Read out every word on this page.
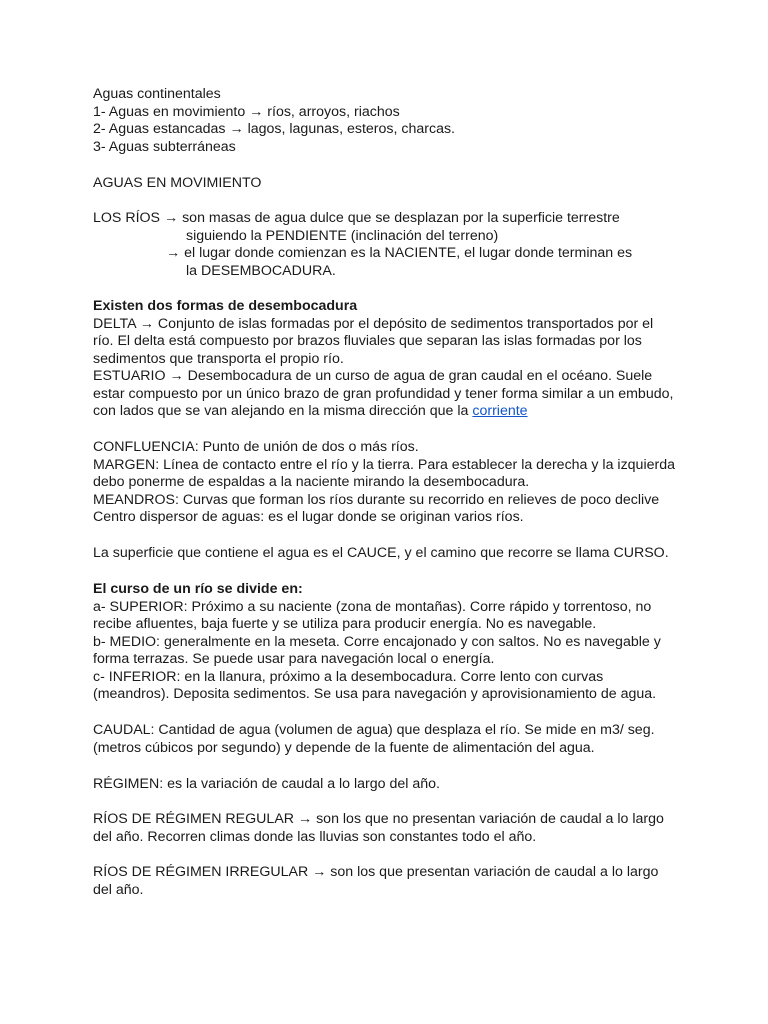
Aguas continentales
1- Aguas en movimiento → ríos, arroyos, riachos
2- Aguas estancadas → lagos, lagunas, esteros, charcas.
3- Aguas subterráneas
AGUAS EN MOVIMIENTO
LOS RÍOS → son masas de agua dulce que se desplazan por la superficie terrestre
siguiendo la PENDIENTE (inclinación del terreno)
→ el lugar donde comienzan es la NACIENTE, el lugar donde terminan es
la DESEMBOCADURA.
Existen dos formas de desembocadura
DELTA → Conjunto de islas formadas por el depósito de sedimentos transportados por el
río. El delta está compuesto por brazos fluviales que separan las islas formadas por los
sedimentos que transporta el propio río.
ESTUARIO → Desembocadura de un curso de agua de gran caudal en el océano. Suele
estar compuesto por un único brazo de gran profundidad y tener forma similar a un embudo,
con lados que se van alejando en la misma dirección que la corriente
CONFLUENCIA: Punto de unión de dos o más ríos.
MARGEN: Línea de contacto entre el río y la tierra. Para establecer la derecha y la izquierda
debo ponerme de espaldas a la naciente mirando la desembocadura.
MEANDROS: Curvas que forman los ríos durante su recorrido en relieves de poco declive
Centro dispersor de aguas: es el lugar donde se originan varios ríos.
La superficie que contiene el agua es el CAUCE, y el camino que recorre se llama CURSO.
El curso de un río se divide en:
a- SUPERIOR: Próximo a su naciente (zona de montañas). Corre rápido y torrentoso, no
recibe afluentes, baja fuerte y se utiliza para producir energía. No es navegable.
b- MEDIO: generalmente en la meseta. Corre encajonado y con saltos. No es navegable y
forma terrazas. Se puede usar para navegación local o energía.
c- INFERIOR: en la llanura, próximo a la desembocadura. Corre lento con curvas
(meandros). Deposita sedimentos. Se usa para navegación y aprovisionamiento de agua.
CAUDAL: Cantidad de agua (volumen de agua) que desplaza el río. Se mide en m3/ seg.
(metros cúbicos por segundo) y depende de la fuente de alimentación del agua.
RÉGIMEN: es la variación de caudal a lo largo del año.
RÍOS DE RÉGIMEN REGULAR → son los que no presentan variación de caudal a lo largo
del año. Recorren climas donde las lluvias son constantes todo el año.
RÍOS DE RÉGIMEN IRREGULAR → son los que presentan variación de caudal a lo largo
del año.
